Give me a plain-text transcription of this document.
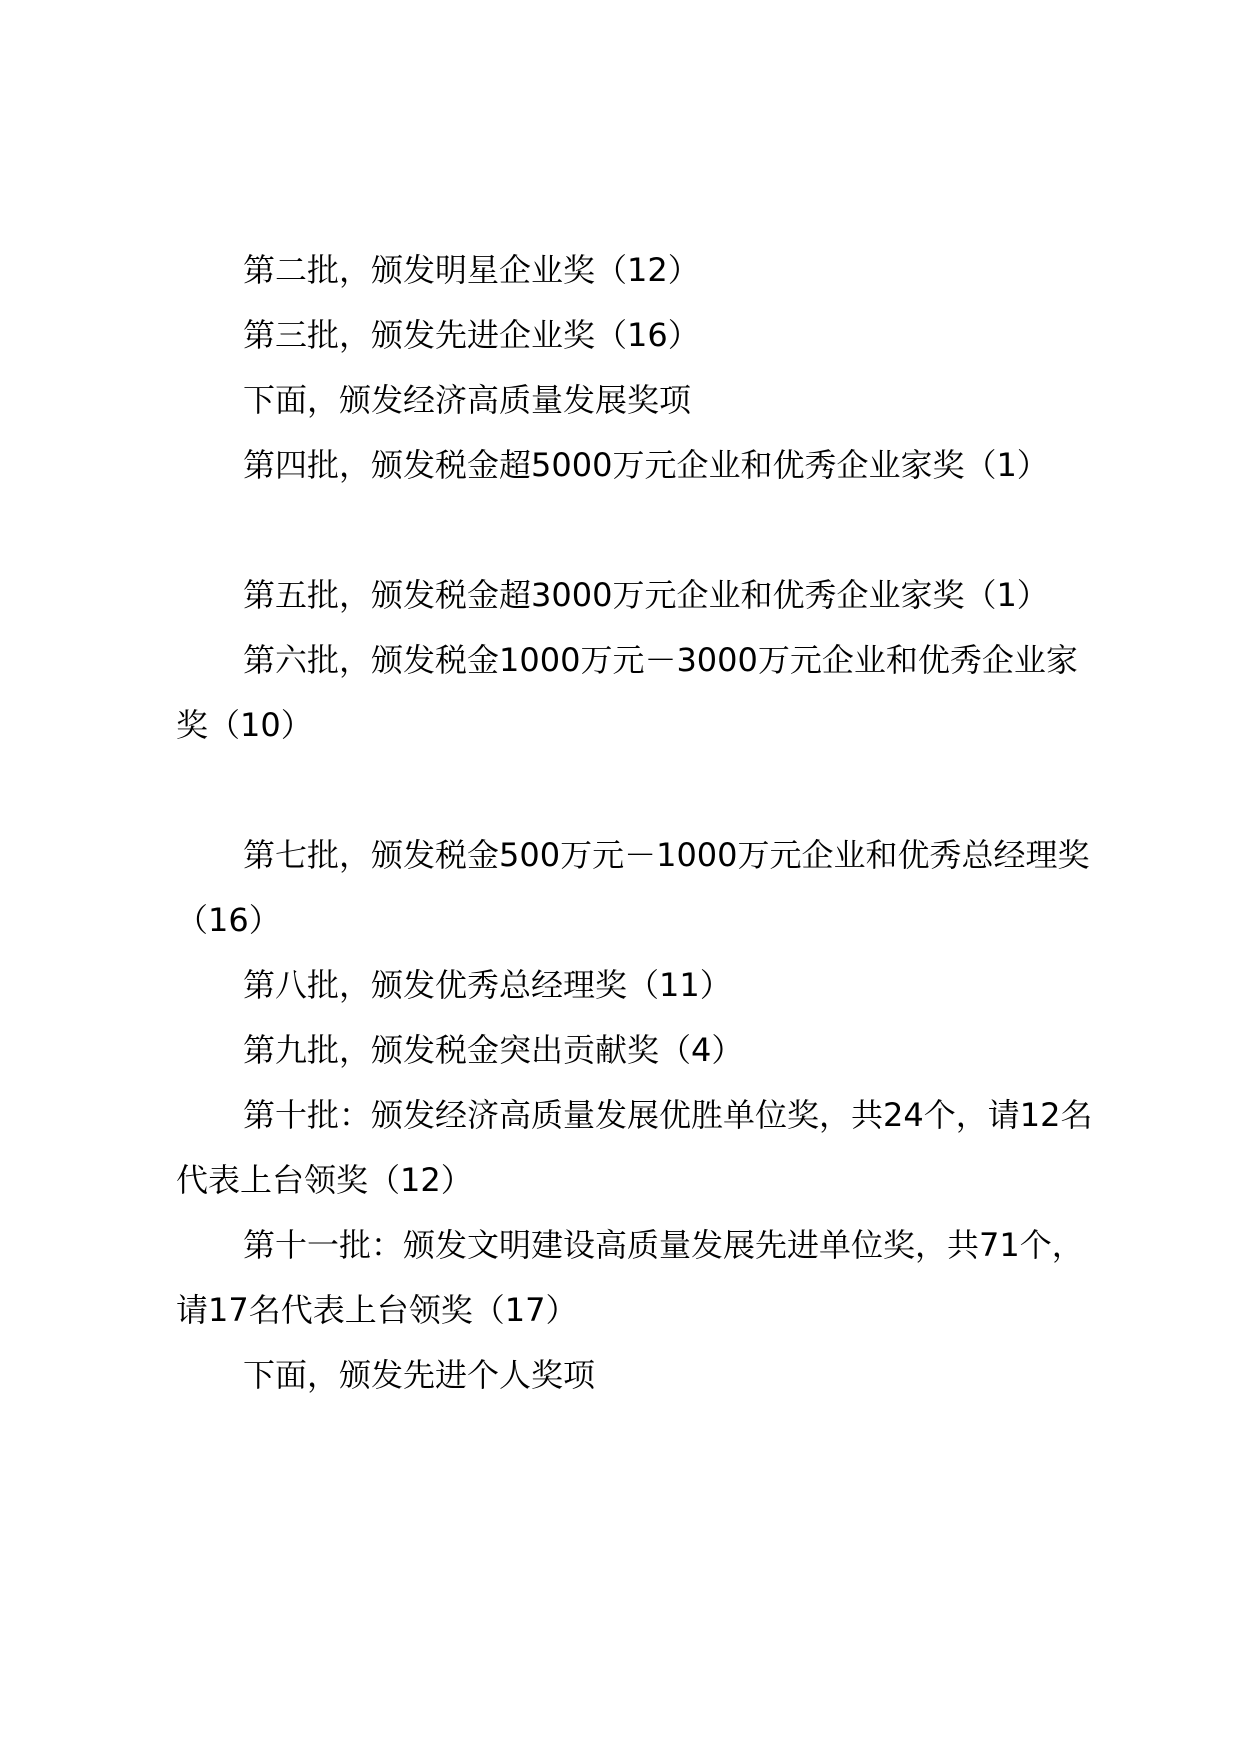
第二批，颁发明星企业奖（12）

第三批，颁发先进企业奖（16）

下面，颁发经济高质量发展奖项

第四批，颁发税金超5000万元企业和优秀企业家奖（1）

第五批，颁发税金超3000万元企业和优秀企业家奖（1）

第六批，颁发税金1000万元－3000万元企业和优秀企业家奖（10）

第七批，颁发税金500万元－1000万元企业和优秀总经理奖（16）

第八批，颁发优秀总经理奖（11）

第九批，颁发税金突出贡献奖（4）

第十批：颁发经济高质量发展优胜单位奖，共24个，请12名代表上台领奖（12）

第十一批：颁发文明建设高质量发展先进单位奖，共71个，请17名代表上台领奖（17）

下面，颁发先进个人奖项
